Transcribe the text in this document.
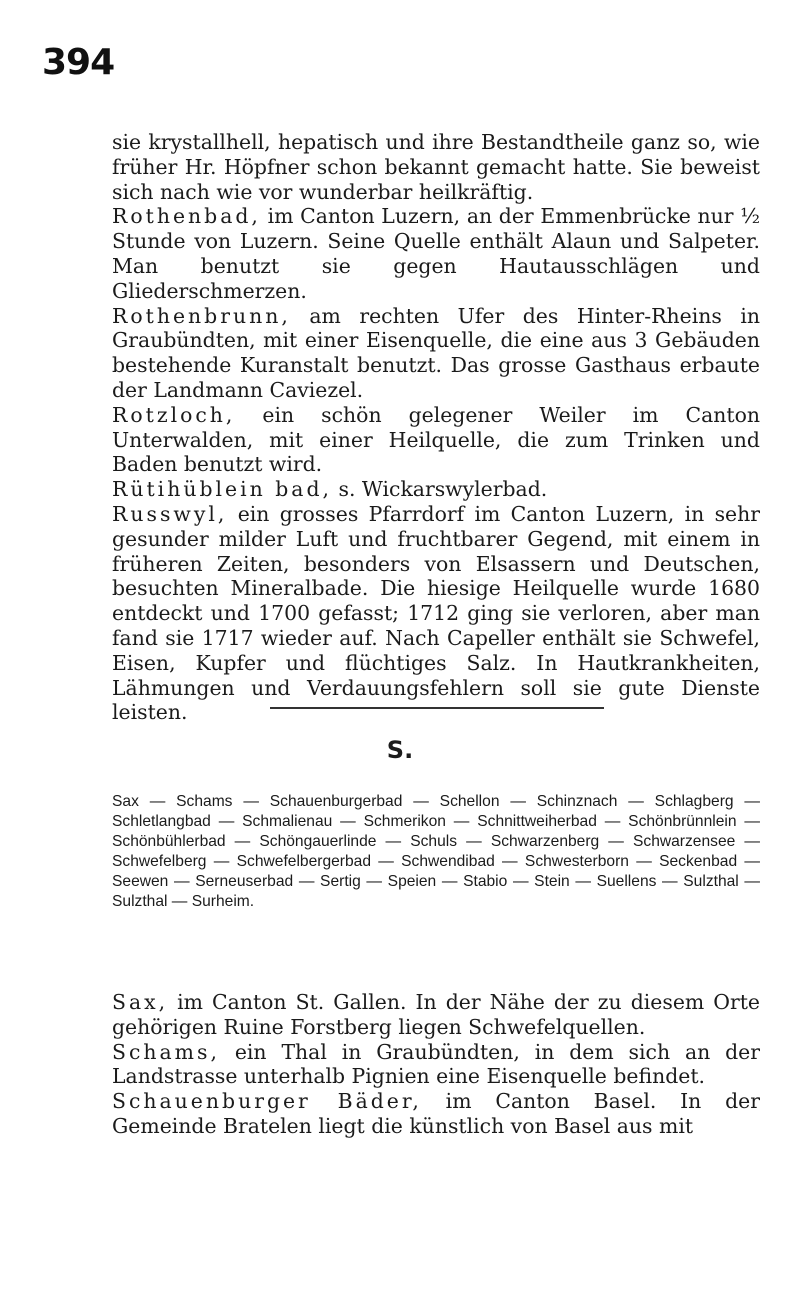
394

sie krystallhell, hepatisch und ihre Bestandtheile ganz so, wie früher Hr. Höpfner schon bekannt gemacht hatte. Sie beweist sich nach wie vor wunderbar heilkräftig.

Rothenbad, im Canton Luzern, an der Emmenbrücke nur ½ Stunde von Luzern. Seine Quelle enthält Alaun und Salpeter. Man benutzt sie gegen Hautausschlägen und Gliederschmerzen.

Rothenbrunn, am rechten Ufer des Hinter-Rheins in Graubündten, mit einer Eisenquelle, die eine aus 3 Gebäuden bestehende Kuranstalt benutzt. Das grosse Gasthaus erbaute der Landmann Caviezel.

Rotzloch, ein schön gelegener Weiler im Canton Unterwalden, mit einer Heilquelle, die zum Trinken und Baden benutzt wird.

Rütihüblein bad, s. Wickarswylerbad.

Russwyl, ein grosses Pfarrdorf im Canton Luzern, in sehr gesunder milder Luft und fruchtbarer Gegend, mit einem in früheren Zeiten, besonders von Elsassern und Deutschen, besuchten Mineralbade. Die hiesige Heilquelle wurde 1680 entdeckt und 1700 gefasst; 1712 ging sie verloren, aber man fand sie 1717 wieder auf. Nach Capeller enthält sie Schwefel, Eisen, Kupfer und flüchtiges Salz. In Hautkrankheiten, Lähmungen und Verdauungsfehlern soll sie gute Dienste leisten.

S.
Sax — Schams — Schauenburgerbad — Schellon — Schinznach — Schlagberg — Schletlangbad — Schmalienau — Schmerikon — Schnittweiherbad — Schönbrünnlein — Schönbühlerbad — Schöngauerlinde — Schuls — Schwarzenberg — Schwarzensee — Schwefelberg — Schwefelbergerbad — Schwendibad — Schwesterborn — Seckenbad — Seewen — Serneuserbad — Sertig — Speien — Stabio — Stein — Suellens — Sulzthal — Sulzthal — Surheim.

Sax, im Canton St. Gallen. In der Nähe der zu diesem Orte gehörigen Ruine Forstberg liegen Schwefelquellen.

Schams, ein Thal in Graubündten, in dem sich an der Landstrasse unterhalb Pignien eine Eisenquelle befindet.

Schauenburger Bäder, im Canton Basel. In der Gemeinde Bratelen liegt die künstlich von Basel aus mit
